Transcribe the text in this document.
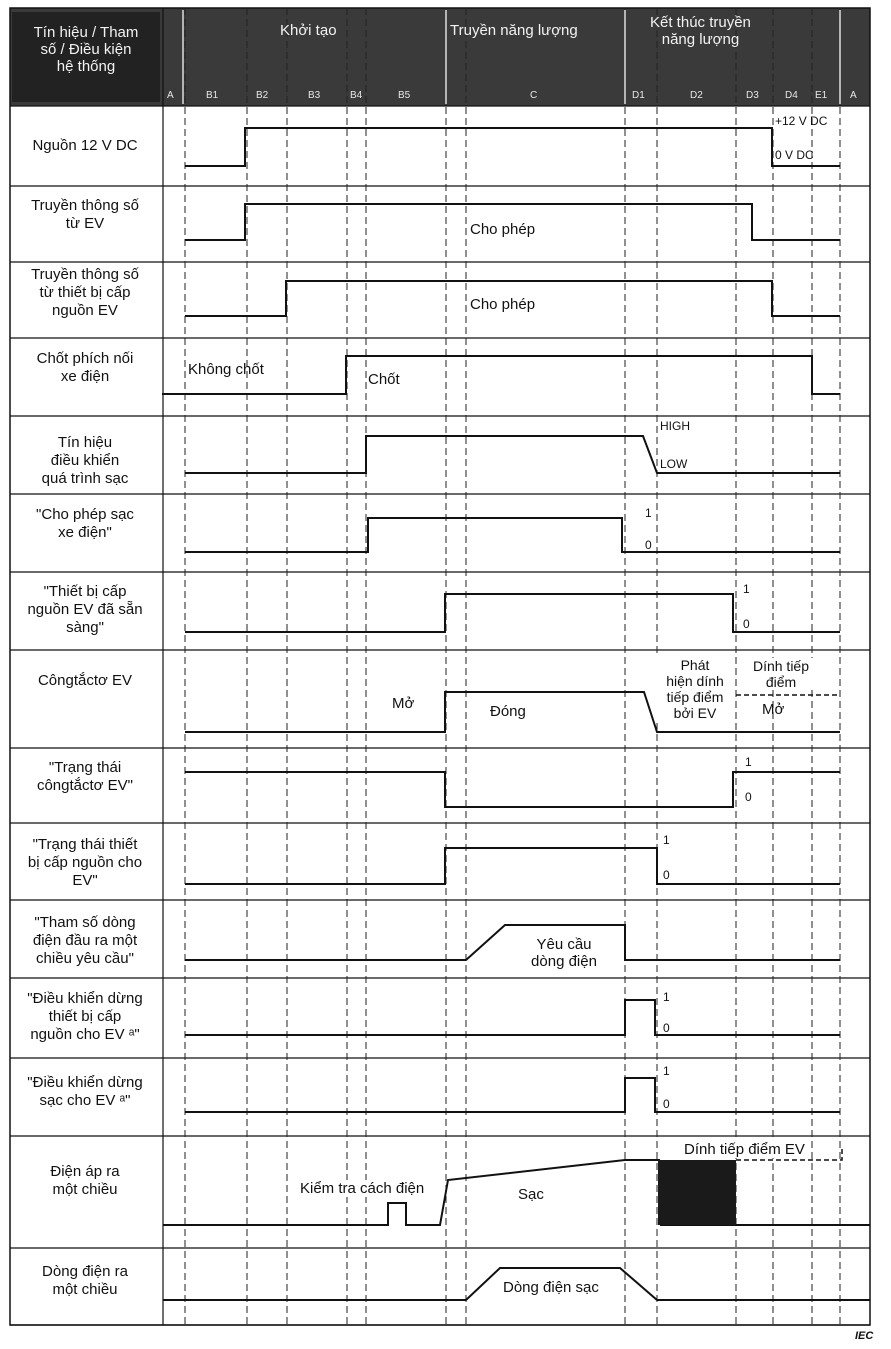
Tín hiệu / Tham
số / Điều kiện
hệ thống
Khởi tạo	Truyền năng lượng	Kết thúc truyền
năng lượng
A	B1	B2	B3	B4	B5	C	D1	D2	D3	D4 E1 A
Nguồn 12 V DC
Truyền thông số
từ EV
Truyền thông số
từ thiết bị cấp
nguồn EV
Chốt phích nối
xe điện
Tín hiệu
điều khiển
quá trình sạc
"Cho phép sạc
xe điện"
"Thiết bị cấp
nguồn EV đã sẵn
sàng"
Côngtắctơ EV
"Trạng thái
côngtắctơ EV"
"Trạng thái thiết
bị cấp nguồn cho
EV"
"Tham số dòng
điện đầu ra một
chiều yêu cầu"
"Điều khiển dừng
thiết bị cấp
nguồn cho EV ᵃ"
"Điều khiển dừng
sạc cho EV ᵃ"
Điện áp ra
một chiều
Dòng điện ra
một chiều
+12 V DC
0 V DC
Cho phép
Cho phép
Không chốt
Chốt
HIGH
LOW
1
0
1
0
Mở	Đóng
Phát
hiện dính
tiếp điểm
bởi EV
Dính tiếp
điểm
Mở
1
0
1
0
Yêu cầu
dòng điện
1
0
1
0
Kiểm tra cách điện	Sạc
Dính tiếp điểm EV
Dòng điện sạc
IEC
